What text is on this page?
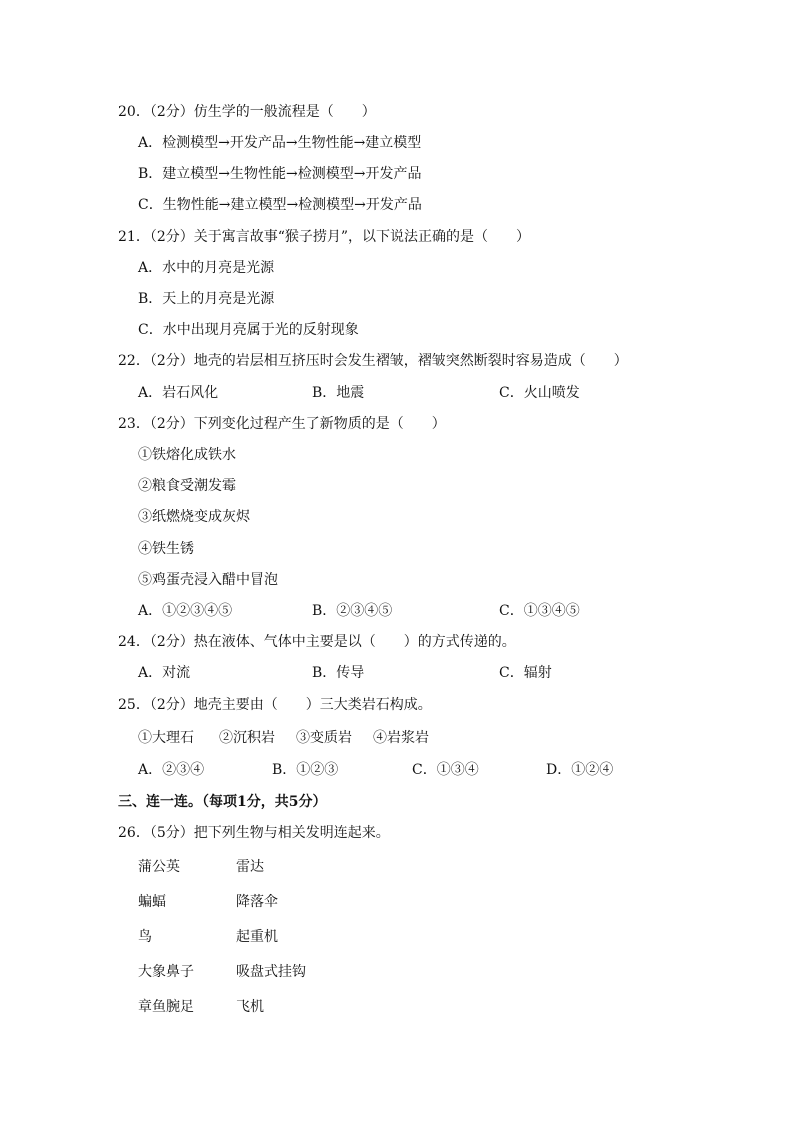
20．（2分）仿生学的一般流程是（　　）
A．检测模型→开发产品→生物性能→建立模型
B．建立模型→生物性能→检测模型→开发产品
C．生物性能→建立模型→检测模型→开发产品
21．（2分）关于寓言故事“猴子捞月”，以下说法正确的是（　　）
A．水中的月亮是光源
B．天上的月亮是光源
C．水中出现月亮属于光的反射现象
22．（2分）地壳的岩层相互挤压时会发生褶皱，褶皱突然断裂时容易造成（　　）
A．岩石风化	B．地震	C．火山喷发
23．（2分）下列变化过程产生了新物质的是（　　）
①铁熔化成铁水
②粮食受潮发霉
③纸燃烧变成灰烬
④铁生锈
⑤鸡蛋壳浸入醋中冒泡
A．①②③④⑤	B．②③④⑤	C．①③④⑤
24．（2分）热在液体、气体中主要是以（　　）的方式传递的。
A．对流	B．传导	C．辐射
25．（2分）地壳主要由（　　）三大类岩石构成。
①大理石 ②沉积岩 ③变质岩 ④岩浆岩
A．②③④	B．①②③	C．①③④	D．①②④
三、连一连。（每项1分，共5分）
26．（5分）把下列生物与相关发明连起来。
蒲公英	雷达
蝙蝠	降落伞
鸟	起重机
大象鼻子	吸盘式挂钩
章鱼腕足	飞机
